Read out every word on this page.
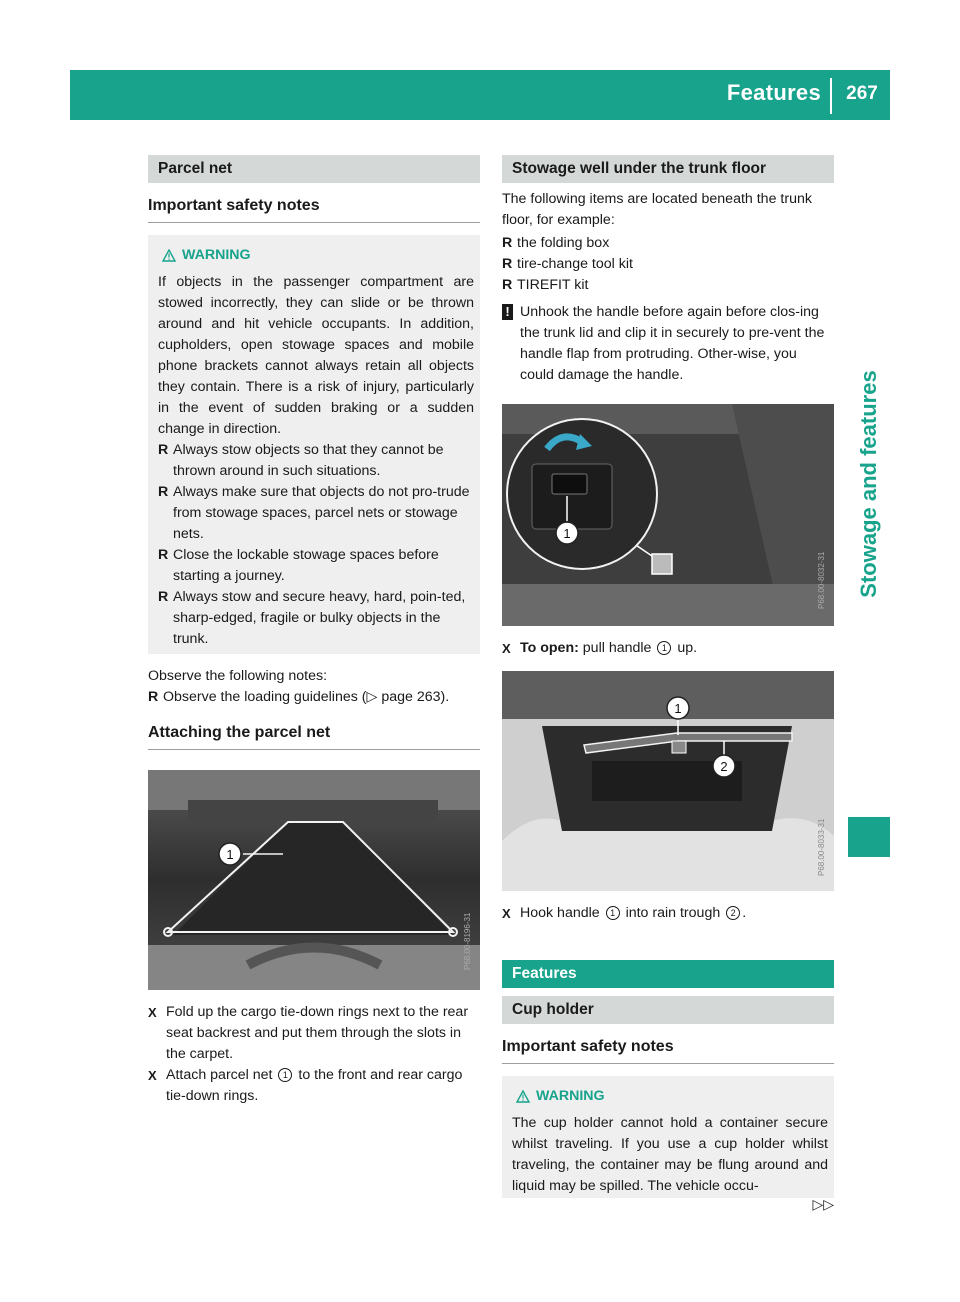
Features	267
Stowage and features
Parcel net
Important safety notes
WARNING

If objects in the passenger compartment are stowed incorrectly, they can slide or be thrown around and hit vehicle occupants. In addition, cupholders, open stowage spaces and mobile phone brackets cannot always retain all objects they contain. There is a risk of injury, particularly in the event of sudden braking or a sudden change in direction.

R Always stow objects so that they cannot be thrown around in such situations.
R Always make sure that objects do not pro-trude from stowage spaces, parcel nets or stowage nets.
R Close the lockable stowage spaces before starting a journey.
R Always stow and secure heavy, hard, poin-ted, sharp-edged, fragile or bulky objects in the trunk.

Observe the following notes:

R Observe the loading guidelines (▷ page 263).
Attaching the parcel net
1
P68.00-8196-31
X Fold up the cargo tie-down rings next to the rear seat backrest and put them through the slots in the carpet.
X Attach parcel net 1 to the front and rear cargo tie-down rings.
Stowage well under the trunk floor

The following items are located beneath the trunk floor, for example:

R the folding box
R tire-change tool kit
R TIREFIT kit
! Unhook the handle before again before clos-ing the trunk lid and clip it in securely to pre-vent the handle flap from protruding. Other-wise, you could damage the handle.
1
P68.00-8032-31
X To open: pull handle 1 up.
1
2
P68.00-8033-31
X Hook handle 1 into rain trough 2 .
Features
Cup holder
Important safety notes
WARNING

The cup holder cannot hold a container secure whilst traveling. If you use a cup holder whilst traveling, the container may be flung around and liquid may be spilled. The vehicle occu-

▷▷
